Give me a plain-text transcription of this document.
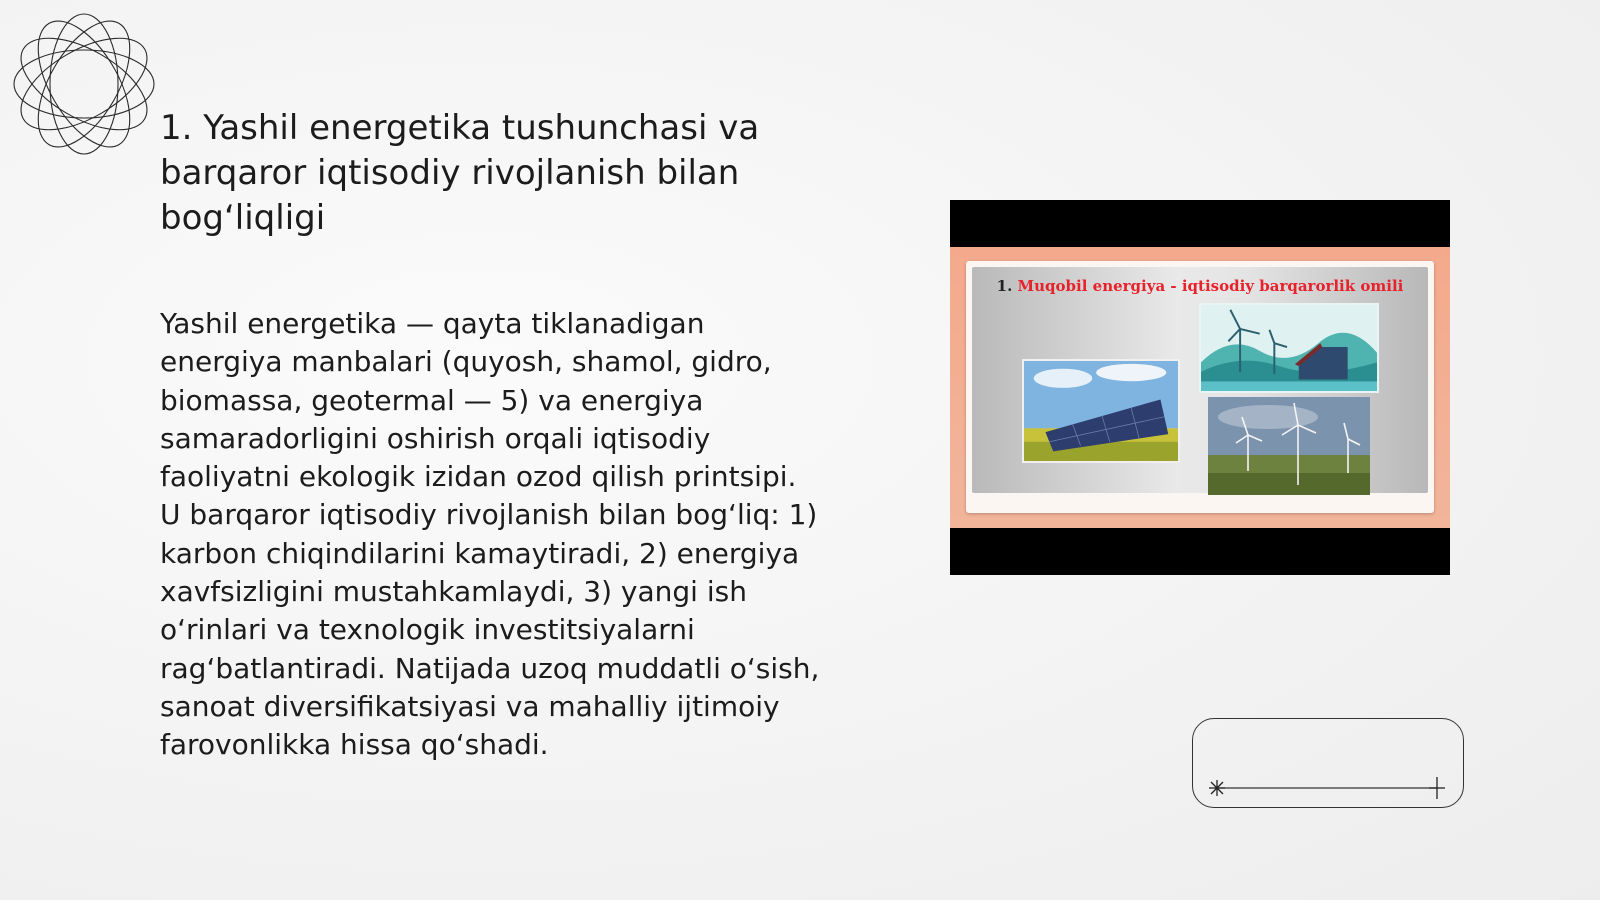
1. Yashil energetika tushunchasi va barqaror iqtisodiy rivojlanish bilan bog‘liqligi

Yashil energetika — qayta tiklanadigan energiya manbalari (quyosh, shamol, gidro, biomassa, geotermal — 5) va energiya samaradorligini oshirish orqali iqtisodiy faoliyatni ekologik izidan ozod qilish printsipi. U barqaror iqtisodiy rivojlanish bilan bog‘liq: 1) karbon chiqindilarini kamaytiradi, 2) energiya xavfsizligini mustahkamlaydi, 3) yangi ish o‘rinlari va texnologik investitsiyalarni rag‘batlantiradi. Natijada uzoq muddatli o‘sish, sanoat diversifikatsiyasi va mahalliy ijtimoiy farovonlikka hissa qo‘shadi.

1. Muqobil energiya - iqtisodiy barqarorlik omili
